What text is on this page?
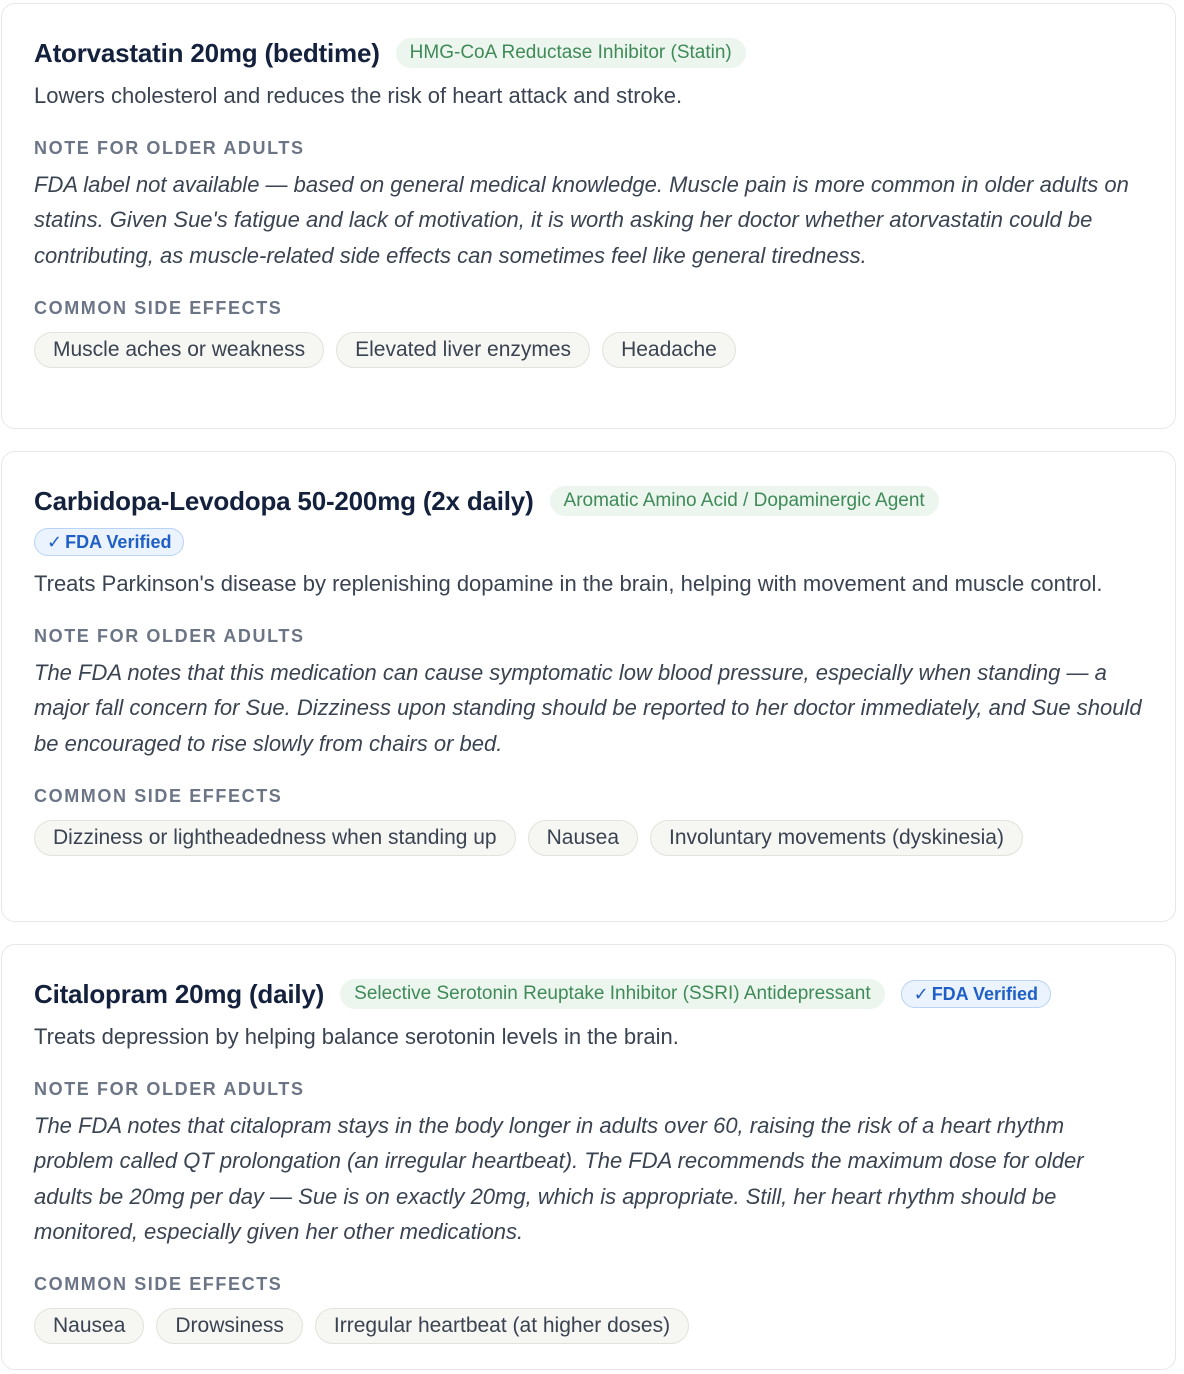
Atorvastatin 20mg (bedtime)	HMG-CoA Reductase Inhibitor (Statin)

Lowers cholesterol and reduces the risk of heart attack and stroke.

NOTE FOR OLDER ADULTS

FDA label not available — based on general medical knowledge. Muscle pain is more common in older adults on statins. Given Sue's fatigue and lack of motivation, it is worth asking her doctor whether atorvastatin could be contributing, as muscle-related side effects can sometimes feel like general tiredness.

COMMON SIDE EFFECTS
Muscle aches or weakness	Elevated liver enzymes	Headache
Carbidopa-Levodopa 50-200mg (2x daily)	Aromatic Amino Acid / Dopaminergic Agent
✓ FDA Verified

Treats Parkinson's disease by replenishing dopamine in the brain, helping with movement and muscle control.

NOTE FOR OLDER ADULTS

The FDA notes that this medication can cause symptomatic low blood pressure, especially when standing — a major fall concern for Sue. Dizziness upon standing should be reported to her doctor immediately, and Sue should be encouraged to rise slowly from chairs or bed.

COMMON SIDE EFFECTS
Dizziness or lightheadedness when standing up	Nausea	Involuntary movements (dyskinesia)
Citalopram 20mg (daily)	Selective Serotonin Reuptake Inhibitor (SSRI) Antidepressant	✓ FDA Verified

Treats depression by helping balance serotonin levels in the brain.

NOTE FOR OLDER ADULTS

The FDA notes that citalopram stays in the body longer in adults over 60, raising the risk of a heart rhythm problem called QT prolongation (an irregular heartbeat). The FDA recommends the maximum dose for older adults be 20mg per day — Sue is on exactly 20mg, which is appropriate. Still, her heart rhythm should be monitored, especially given her other medications.

COMMON SIDE EFFECTS
Nausea	Drowsiness	Irregular heartbeat (at higher doses)
